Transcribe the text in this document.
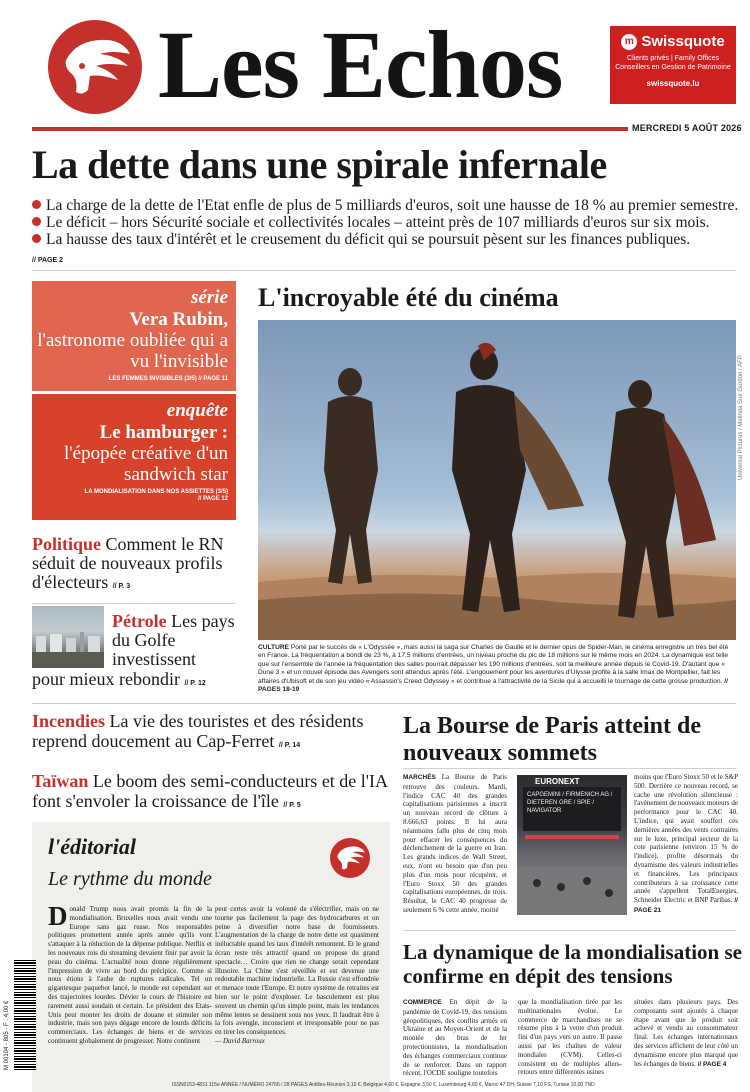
Les Echos	m Swissquote
Clients privés | Family Offices
Conseillers en Gestion de Patrimoine
swissquote.lu
MERCREDI 5 AOÛT 2026
La dette dans une spirale infernale
La charge de la dette de l'Etat enfle de plus de 5 milliards d'euros, soit une hausse de 18 % au premier semestre.
Le déficit – hors Sécurité sociale et collectivités locales – atteint près de 107 milliards d'euros sur six mois.
La hausse des taux d'intérêt et le creusement du déficit qui se poursuit pèsent sur les finances publiques.
// PAGE 2
série
Vera Rubin,
l'astronome oubliée qui a vu l'invisible
LES FEMMES INVISIBLES (3/5) // PAGE 11
enquête
Le hamburger :
l'épopée créative d'un sandwich star
LA MONDIALISATION DANS NOS ASSIETTES (3/5)
// PAGE 12
Politique Comment le RN séduit de nouveaux profils d'électeurs // P. 3
Pétrole Les pays du Golfe investissent
pour mieux rebondir // P. 12
L'incroyable été du cinéma
Universal Pictures / Melinda Sue Gordon / AFP
CULTURE Porté par le succès de « L'Odyssée », mais aussi la saga sur Charles de Gaulle et le dernier opus de Spider-Man, le cinéma enregistre un très bel été en France. La fréquentation a bondi de 23 %, à 17,5 millions d'entrées, un niveau proche du pic de 18 millions sur le même mois en 2024. La dynamique est telle que sur l'ensemble de l'année la fréquentation des salles pourrait dépasser les 190 millions d'entrées, soit la meilleure année depuis le Covid-19. D'autant que « Dune 3 » et un nouvel épisode des Avengers sont attendus après l'été. L'engouement pour les aventures d'Ulysse profite à la salle Imax de Montpellier, fait les affaires d'Ubisoft et de son jeu vidéo « Assassin's Creed Odyssey » et contribue à l'attractivité de la Sicile qui a accueilli le tournage de cette grosse production. // PAGES 18-19
Incendies La vie des touristes et des résidents reprend doucement au Cap-Ferret // P. 14
Taïwan Le boom des semi-conducteurs et de l'IA font s'envoler la croissance de l'île // P. 5
l'éditorial
Le rythme du monde
Donald Trump nous avait promis la fin de la mondialisation. Bruxelles nous avait vendu une Europe sans gaz russe. Nos responsables politiques promettent année après année qu'ils vont s'attaquer à la réduction de la dépense publique. Netflix et les nouveaux rois du streaming devaient finir par avoir la peau du cinéma. L'actualité nous donne régulièrement l'impression de vivre au bord du précipice. Comme si nous étions à l'aube de ruptures radicales. Tel un gigantesque paquebot lancé, le monde est cependant sur des trajectoires lourdes. Dévier le cours de l'histoire est rarement aussi soudain et certain. Le président des Etats-Unis peut monter les droits de douane et stimuler son industrie, mais son pays dégage encore de lourds déficits commerciaux. Les échanges de biens et de services continuent globalement de progresser. Notre continent
peut certes avoir la volonté de s'électrifier, mais on ne tourne pas facilement la page des hydrocarbures et on peine à diversifier notre base de fournisseurs. L'augmentation de la charge de notre dette est quasiment inéluctable quand les taux d'intérêt remontent. Et le grand écran reste très attractif quand on propose du grand spectacle… Croire que rien ne change serait cependant illusoire. La Chine s'est réveillée et est devenue une redoutable machine industrielle. La Russie s'est effondrée et menace toute l'Europe. Et notre système de retraites est bien sur le point d'exploser. Le basculement est plus souvent un chemin qu'un simple point, mais les tendances même lentes se dessinent sous nos yeux. Il faudrait être à la fois avengle, inconscient et irresponsable pour ne pas en tirer les conséquences.
— David Barroux
M 00104 - 805 - F : 4,00 €
La Bourse de Paris atteint de nouveaux sommets
MARCHÉS La Bourse de Paris retrouve des couleurs. Mardi, l'indice CAC 40 des grandes capitalisations parisiennes a inscrit un nouveau record de clôture à 8.666,63 points. Il lui aura néanmoins fallu plus de cinq mois pour effacer les conséquences du déclenchement de la guerre en Iran. Les grands indices de Wall Street, eux, n'ont eu besoin que d'un peu plus d'un mois pour récupérer, et l'Euro Stoxx 50 des grandes capitalisations européennes, de trois. Résultat, le CAC 40 progresse de seulement 6 % cette année, moitié
EURONEXT
CAPGEMINI / FIRMENICH AG / DIETEREN GRE / SPIE / NAVIGATOR
moins que l'Euro Stoxx 50 et le S&P 500. Derrière ce nouveau record, se cache une révolution silencieuse : l'avènement de nouveaux moteurs de performance pour le CAC 40. L'indice, qui avait souffert ces dernières années des vents contraires sur le luxe, principal secteur de la cote parisienne (environ 15 % de l'indice), profite désormais du dynamisme des valeurs industrielles et financières. Les principaux contributeurs à sa croissance cette année s'appellent TotalEnergies, Schneider Electric et BNP Paribas. // PAGE 21
La dynamique de la mondialisation se confirme en dépit des tensions
COMMERCE En dépit de la pandémie de Covid-19, des tensions géopolitiques, des conflits armés en Ukraine et au Moyen-Orient et de la montée des bras de fer protectionnistes, la mondialisation des échanges commerciaux continue de se renforcer. Dans un rapport récent, l'OCDE souligne toutefois
que la mondialisation tirée par les multinationales évolue. Le commerce de marchandises ne se résume plus à la vente d'un produit fini d'un pays vers un autre. Il passe aussi par les chaînes de valeur mondiales (CVM). Celles-ci consistent en de multiples allers-retours entre différentes usines
situées dans plusieurs pays. Des composants sont ajoutés à chaque étape avant que le produit soit achevé et vendu au consommateur final. Les échanges internationaux des services affichent de leur côté un dynamisme encore plus marqué que les échanges de biens. // PAGE 4
ISSN0153-4831 115e ANNÉE / NUMÉRO 24766 / 28 PAGES Antilles-Réunion 3,10 €, Belgique 4,60 €, Espagne 3,50 €, Luxembourg 4,60 €, Maroc 47 DH, Suisse 7,10 FS, Tunisie 10,00 TND
